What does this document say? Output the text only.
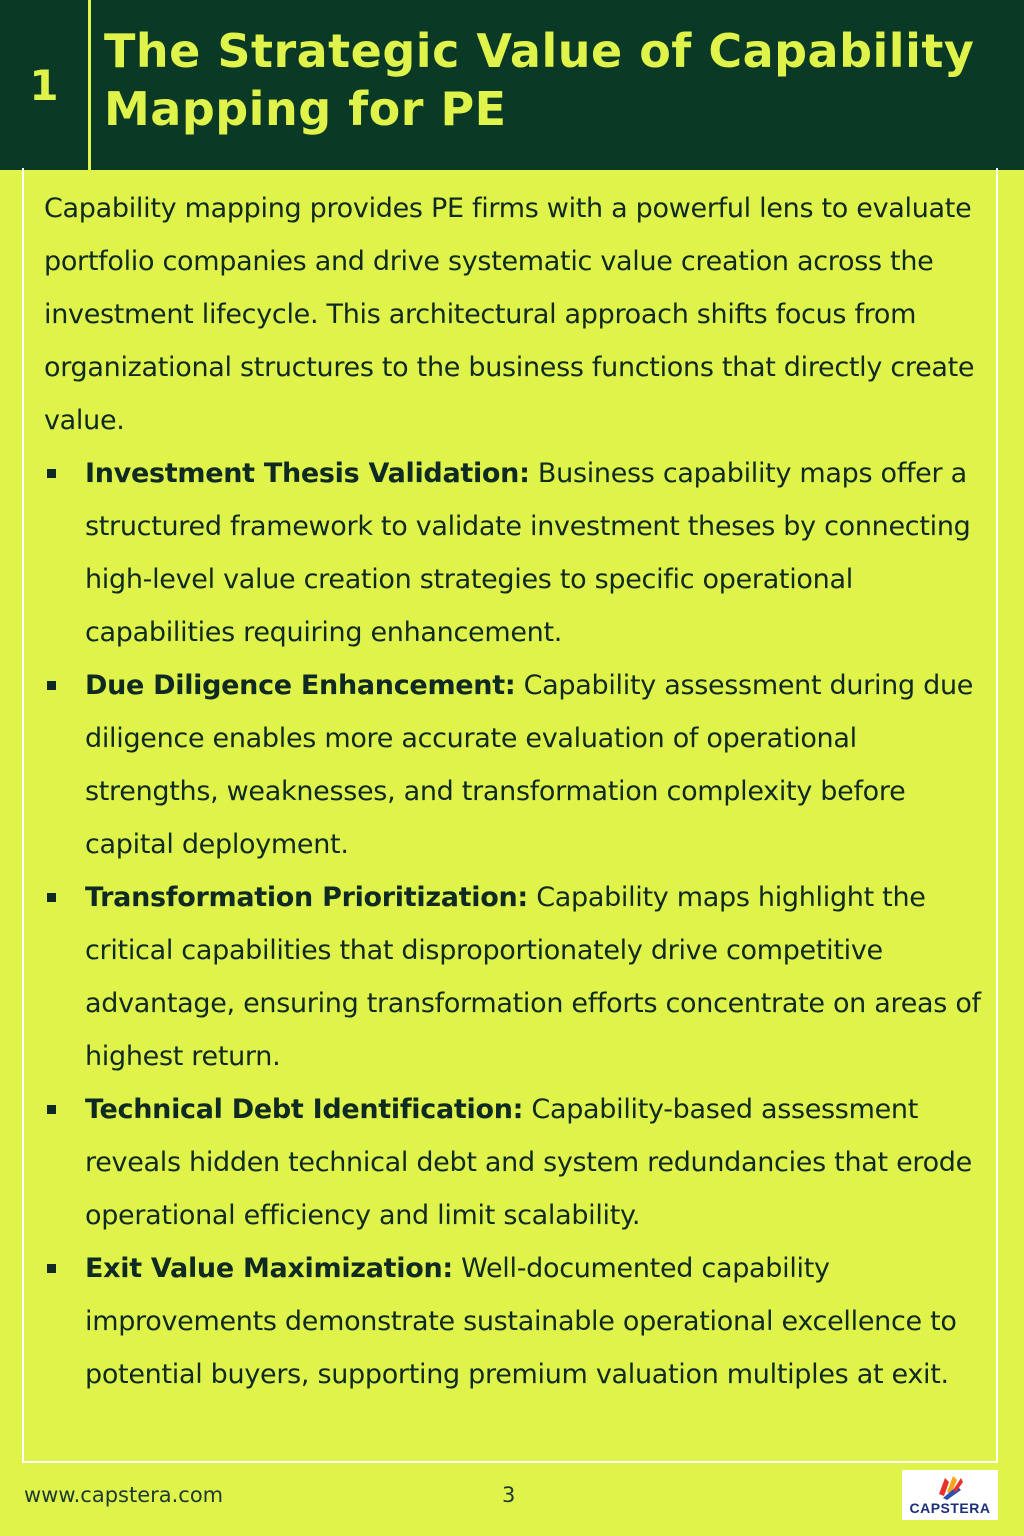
1
The Strategic Value of Capability Mapping for PE

Capability mapping provides PE firms with a powerful lens to evaluate portfolio companies and drive systematic value creation across the investment lifecycle. This architectural approach shifts focus from organizational structures to the business functions that directly create value.

Investment Thesis Validation: Business capability maps offer a structured framework to validate investment theses by connecting high-level value creation strategies to specific operational capabilities requiring enhancement.
Due Diligence Enhancement: Capability assessment during due diligence enables more accurate evaluation of operational strengths, weaknesses, and transformation complexity before capital deployment.
Transformation Prioritization: Capability maps highlight the critical capabilities that disproportionately drive competitive advantage, ensuring transformation efforts concentrate on areas of highest return.
Technical Debt Identification: Capability-based assessment reveals hidden technical debt and system redundancies that erode operational efficiency and limit scalability.
Exit Value Maximization: Well-documented capability improvements demonstrate sustainable operational excellence to potential buyers, supporting premium valuation multiples at exit.
www.capstera.com	3
CAPSTERA
